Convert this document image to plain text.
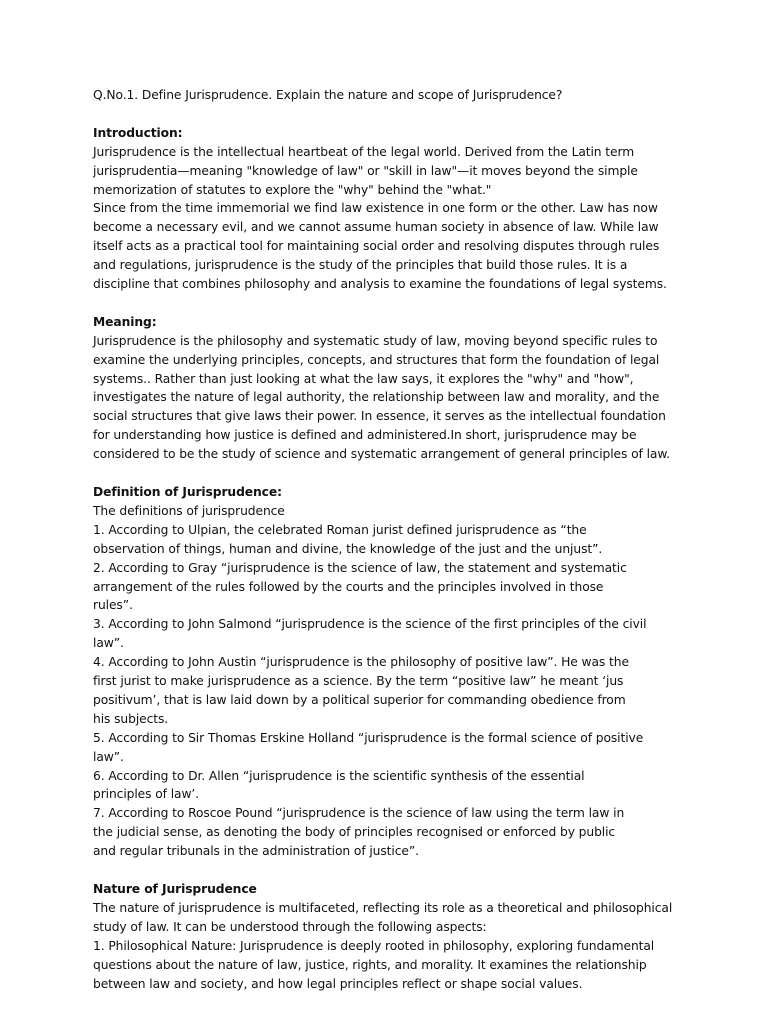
Q.No.1. Define Jurisprudence. Explain the nature and scope of Jurisprudence?
Introduction:
Jurisprudence is the intellectual heartbeat of the legal world. Derived from the Latin term
jurisprudentia—meaning "knowledge of law" or "skill in law"—it moves beyond the simple
memorization of statutes to explore the "why" behind the "what."
Since from the time immemorial we find law existence in one form or the other. Law has now
become a necessary evil, and we cannot assume human society in absence of law. While law
itself acts as a practical tool for maintaining social order and resolving disputes through rules
and regulations, jurisprudence is the study of the principles that build those rules. It is a
discipline that combines philosophy and analysis to examine the foundations of legal systems.
Meaning:
Jurisprudence is the philosophy and systematic study of law, moving beyond specific rules to
examine the underlying principles, concepts, and structures that form the foundation of legal
systems.. Rather than just looking at what the law says, it explores the "why" and "how",
investigates the nature of legal authority, the relationship between law and morality, and the
social structures that give laws their power. In essence, it serves as the intellectual foundation
for understanding how justice is defined and administered.In short, jurisprudence may be
considered to be the study of science and systematic arrangement of general principles of law.
Definition of Jurisprudence:
The definitions of jurisprudence
1. According to Ulpian, the celebrated Roman jurist defined jurisprudence as “the
observation of things, human and divine, the knowledge of the just and the unjust”.
2. According to Gray “jurisprudence is the science of law, the statement and systematic
arrangement of the rules followed by the courts and the principles involved in those
rules”.
3. According to John Salmond “jurisprudence is the science of the first principles of the civil
law”.
4. According to John Austin “jurisprudence is the philosophy of positive law”. He was the
first jurist to make jurisprudence as a science. By the term “positive law” he meant ‘jus
positivum’, that is law laid down by a political superior for commanding obedience from
his subjects.
5. According to Sir Thomas Erskine Holland “jurisprudence is the formal science of positive
law”.
6. According to Dr. Allen “jurisprudence is the scientific synthesis of the essential
principles of law’.
7. According to Roscoe Pound “jurisprudence is the science of law using the term law in
the judicial sense, as denoting the body of principles recognised or enforced by public
and regular tribunals in the administration of justice”.
Nature of Jurisprudence
The nature of jurisprudence is multifaceted, reflecting its role as a theoretical and philosophical
study of law. It can be understood through the following aspects:
1. Philosophical Nature: Jurisprudence is deeply rooted in philosophy, exploring fundamental
questions about the nature of law, justice, rights, and morality. It examines the relationship
between law and society, and how legal principles reflect or shape social values.
